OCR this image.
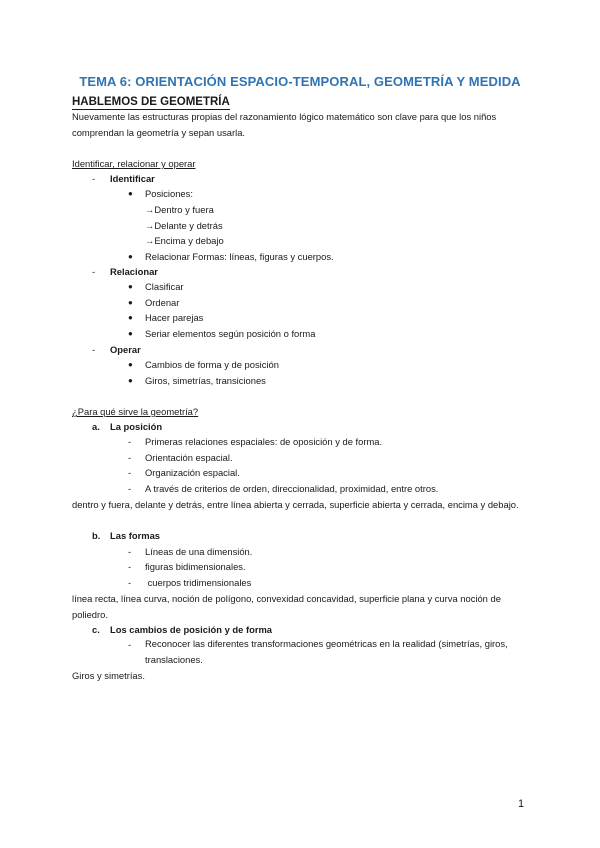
TEMA 6: ORIENTACIÓN ESPACIO-TEMPORAL, GEOMETRÍA Y MEDIDA
HABLEMOS DE GEOMETRÍA
Nuevamente las estructuras propias del razonamiento lógico matemático son clave para que los niños comprendan la geometría y sepan usarla.
Identificar, relacionar y operar
- Identificar
● Posiciones:
→Dentro y fuera
→Delante y detrás
→Encima y debajo
● Relacionar Formas: líneas, figuras y cuerpos.
- Relacionar
● Clasificar
● Ordenar
● Hacer parejas
● Seriar elementos según posición o forma
- Operar
● Cambios de forma y de posición
● Giros, simetrías, transiciones
¿Para qué sirve la geometría?
a. La posición
- Primeras relaciones espaciales: de oposición y de forma.
- Orientación espacial.
- Organización espacial.
- A través de criterios de orden, direccionalidad, proximidad, entre otros.
dentro y fuera, delante y detrás, entre línea abierta y cerrada, superficie abierta y cerrada, encima y debajo.
b. Las formas
- Líneas de una dimensión.
- figuras bidimensionales.
- cuerpos tridimensionales
línea recta, línea curva, noción de polígono, convexidad concavidad, superficie plana y curva noción de poliedro.
c. Los cambios de posición y de forma
- Reconocer las diferentes transformaciones geométricas en la realidad (simetrías, giros, translaciones.
Giros y simetrías.
1
